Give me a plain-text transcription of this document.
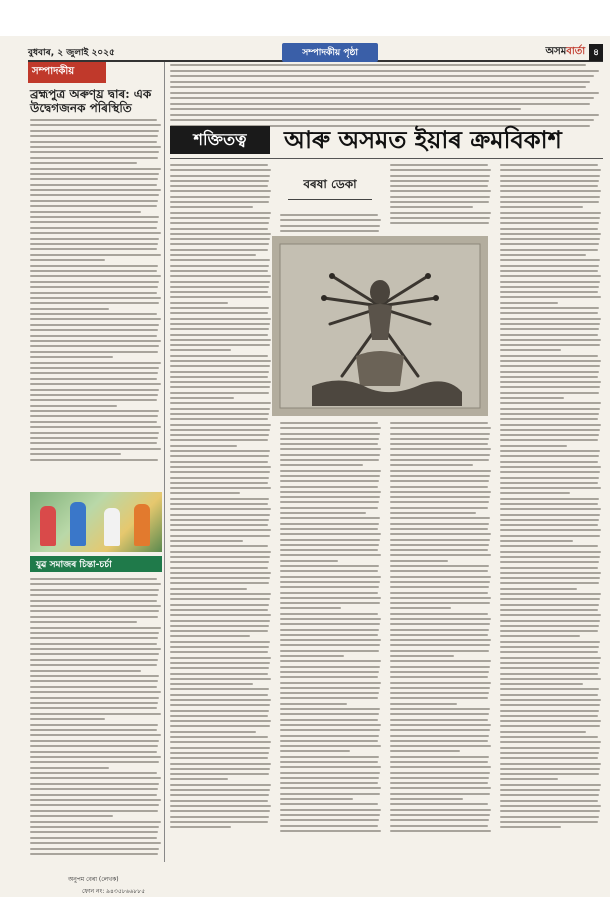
বুধবাৰ, ২ জুলাই ২০২৫	সম্পাদকীয় পৃষ্ঠা	অসমবাৰ্তা ৪
সম্পাদকীয়
ব্ৰহ্মপুত্ৰ অৰুণ্য্ৰ দ্বাৰ: এক উদ্বেগজনক পৰিস্থিতি
যুৱ সমাজৰ চিন্তা-চৰ্চা
অনুপম বেৰা (লেখক)
ফোন নং: ৯৪৩৫৮৬৬৮৮৫
শক্তিতত্ব	আৰু অসমত ইয়াৰ ক্ৰমবিকাশ
বৰষা ডেকা
